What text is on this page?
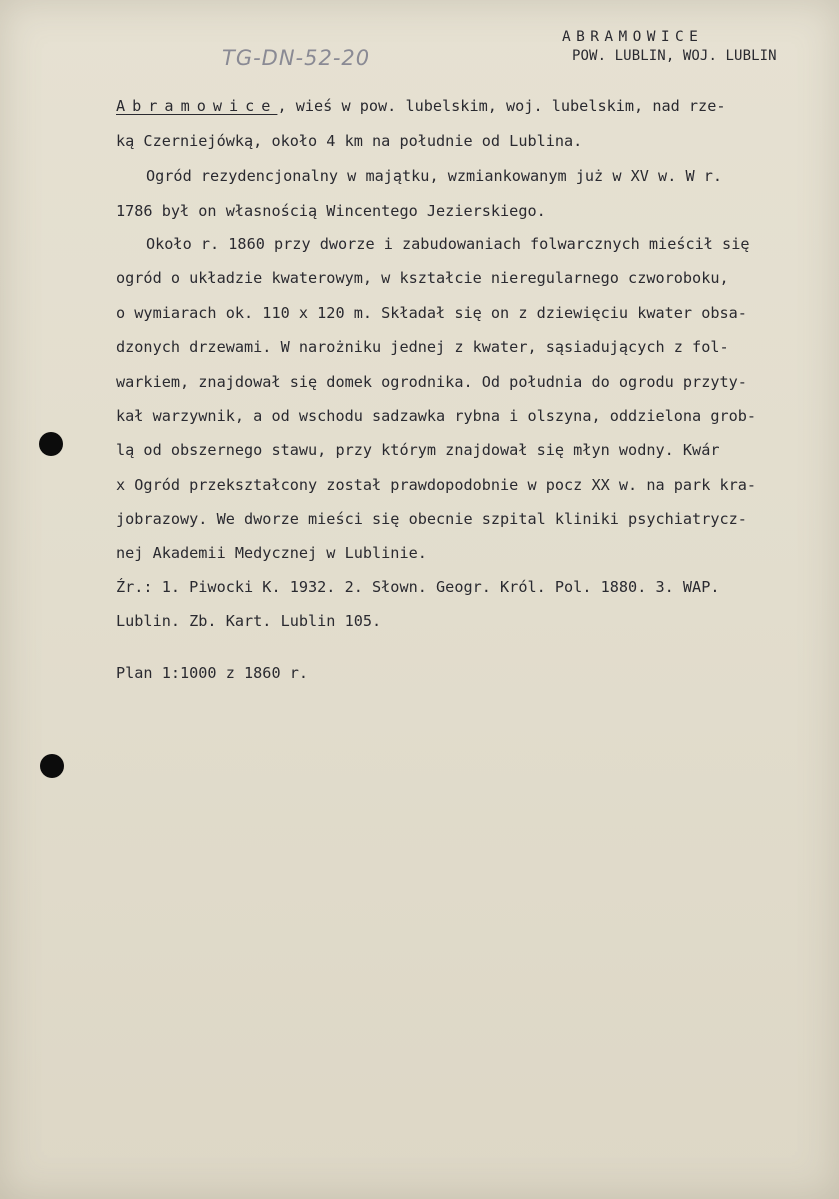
TG-DN-52-20
ABRAMOWICE
POW. LUBLIN, WOJ. LUBLIN
Abramowice, wieś w pow. lubelskim, woj. lubelskim, nad rze-
ką Czerniejówką, około 4 km na południe od Lublina.
Ogród rezydencjonalny w majątku, wzmiankowanym już w XV w. W r.
1786 był on własnością Wincentego Jezierskiego.
Około r. 1860 przy dworze i zabudowaniach folwarcznych mieścił się
ogród o układzie kwaterowym, w kształcie nieregularnego czworoboku,
o wymiarach ok. 110 x 120 m. Składał się on z dziewięciu kwater obsa-
dzonych drzewami. W narożniku jednej z kwater, sąsiadujących z fol-
warkiem, znajdował się domek ogrodnika. Od południa do ogrodu przyty-
kał warzywnik, a od wschodu sadzawka rybna i olszyna, oddzielona grob-
lą od obszernego stawu, przy którym znajdował się młyn wodny. Kwár
x Ogród przekształcony został prawdopodobnie w pocz XX w. na park kra-
jobrazowy. We dworze mieści się obecnie szpital kliniki psychiatrycz-
nej Akademii Medycznej w Lublinie.
Źr.: 1. Piwocki K. 1932. 2. Słown. Geogr. Król. Pol. 1880. 3. WAP.
Lublin. Zb. Kart. Lublin 105.
Plan 1:1000 z 1860 r.
